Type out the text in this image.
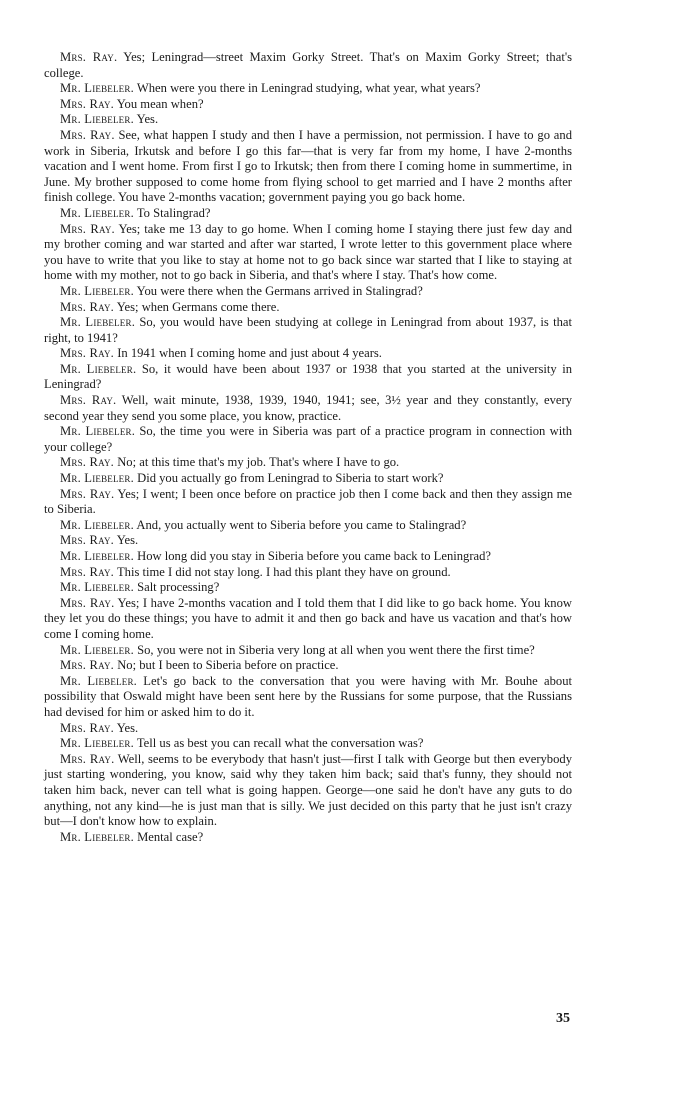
Mrs. Ray. Yes; Leningrad—street Maxim Gorky Street. That's on Maxim Gorky Street; that's college.

Mr. Liebeler. When were you there in Leningrad studying, what year, what years?

Mrs. Ray. You mean when?

Mr. Liebeler. Yes.

Mrs. Ray. See, what happen I study and then I have a permission, not permission. I have to go and work in Siberia, Irkutsk and before I go this far—that is very far from my home, I have 2-months vacation and I went home. From first I go to Irkutsk; then from there I coming home in summertime, in June. My brother supposed to come home from flying school to get married and I have 2 months after finish college. You have 2-months vacation; government paying you go back home.

Mr. Liebeler. To Stalingrad?

Mrs. Ray. Yes; take me 13 day to go home. When I coming home I staying there just few day and my brother coming and war started and after war started, I wrote letter to this government place where you have to write that you like to stay at home not to go back since war started that I like to staying at home with my mother, not to go back in Siberia, and that's where I stay. That's how come.

Mr. Liebeler. You were there when the Germans arrived in Stalingrad?

Mrs. Ray. Yes; when Germans come there.

Mr. Liebeler. So, you would have been studying at college in Leningrad from about 1937, is that right, to 1941?

Mrs. Ray. In 1941 when I coming home and just about 4 years.

Mr. Liebeler. So, it would have been about 1937 or 1938 that you started at the university in Leningrad?

Mrs. Ray. Well, wait minute, 1938, 1939, 1940, 1941; see, 3½ year and they constantly, every second year they send you some place, you know, practice.

Mr. Liebeler. So, the time you were in Siberia was part of a practice program in connection with your college?

Mrs. Ray. No; at this time that's my job. That's where I have to go.

Mr. Liebeler. Did you actually go from Leningrad to Siberia to start work?

Mrs. Ray. Yes; I went; I been once before on practice job then I come back and then they assign me to Siberia.

Mr. Liebeler. And, you actually went to Siberia before you came to Stalingrad?

Mrs. Ray. Yes.

Mr. Liebeler. How long did you stay in Siberia before you came back to Leningrad?

Mrs. Ray. This time I did not stay long. I had this plant they have on ground.

Mr. Liebeler. Salt processing?

Mrs. Ray. Yes; I have 2-months vacation and I told them that I did like to go back home. You know they let you do these things; you have to admit it and then go back and have us vacation and that's how come I coming home.

Mr. Liebeler. So, you were not in Siberia very long at all when you went there the first time?

Mrs. Ray. No; but I been to Siberia before on practice.

Mr. Liebeler. Let's go back to the conversation that you were having with Mr. Bouhe about possibility that Oswald might have been sent here by the Russians for some purpose, that the Russians had devised for him or asked him to do it.

Mrs. Ray. Yes.

Mr. Liebeler. Tell us as best you can recall what the conversation was?

Mrs. Ray. Well, seems to be everybody that hasn't just—first I talk with George but then everybody just starting wondering, you know, said why they taken him back; said that's funny, they should not taken him back, never can tell what is going happen. George—one said he don't have any guts to do anything, not any kind—he is just man that is silly. We just decided on this party that he just isn't crazy but—I don't know how to explain.

Mr. Liebeler. Mental case?

35
